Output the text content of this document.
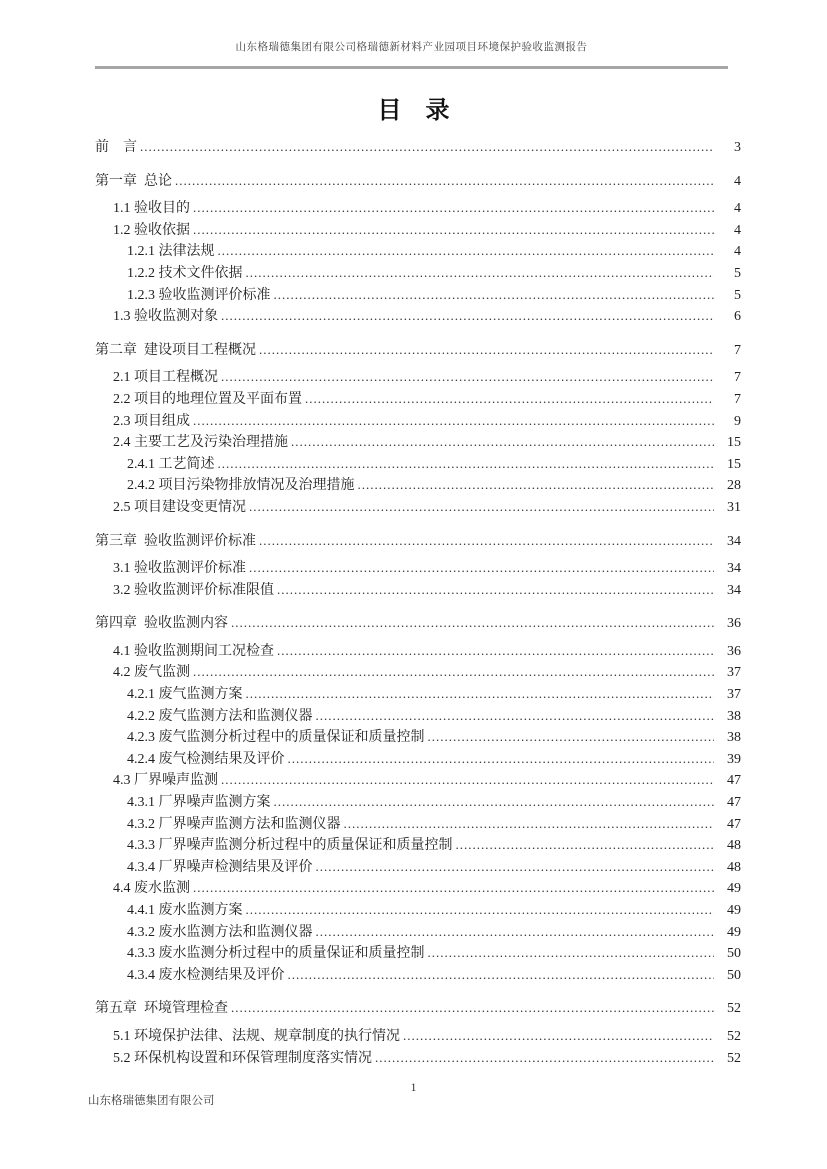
山东格瑞德集团有限公司格瑞德新材料产业园项目环境保护验收监测报告
目　录
前　言 .....	3
第一章  总论 .....	4
1.1 验收目的 .....	4
1.2 验收依据 .....	4
1.2.1 法律法规 .....	4
1.2.2 技术文件依据 .....	5
1.2.3 验收监测评价标准 .....	5
1.3 验收监测对象 .....	6
第二章  建设项目工程概况 .....	7
2.1 项目工程概况 .....	7
2.2 项目的地理位置及平面布置 .....	7
2.3 项目组成 .....	9
2.4 主要工艺及污染治理措施 .....	15
2.4.1 工艺简述 .....	15
2.4.2 项目污染物排放情况及治理措施 .....	28
2.5 项目建设变更情况 .....	31
第三章  验收监测评价标准 .....	34
3.1 验收监测评价标准 .....	34
3.2 验收监测评价标准限值 .....	34
第四章  验收监测内容 .....	36
4.1 验收监测期间工况检查 .....	36
4.2 废气监测 .....	37
4.2.1 废气监测方案 .....	37
4.2.2 废气监测方法和监测仪器 .....	38
4.2.3 废气监测分析过程中的质量保证和质量控制 .....	38
4.2.4 废气检测结果及评价 .....	39
4.3 厂界噪声监测 .....	47
4.3.1 厂界噪声监测方案 .....	47
4.3.2 厂界噪声监测方法和监测仪器 .....	47
4.3.3 厂界噪声监测分析过程中的质量保证和质量控制 .....	48
4.3.4 厂界噪声检测结果及评价 .....	48
4.4 废水监测 .....	49
4.4.1 废水监测方案 .....	49
4.3.2 废水监测方法和监测仪器 .....	49
4.3.3 废水监测分析过程中的质量保证和质量控制 .....	50
4.3.4 废水检测结果及评价 .....	50
第五章  环境管理检查 .....	52
5.1 环境保护法律、法规、规章制度的执行情况 .....	52
5.2 环保机构设置和环保管理制度落实情况 .....	52
1
山东格瑞德集团有限公司
